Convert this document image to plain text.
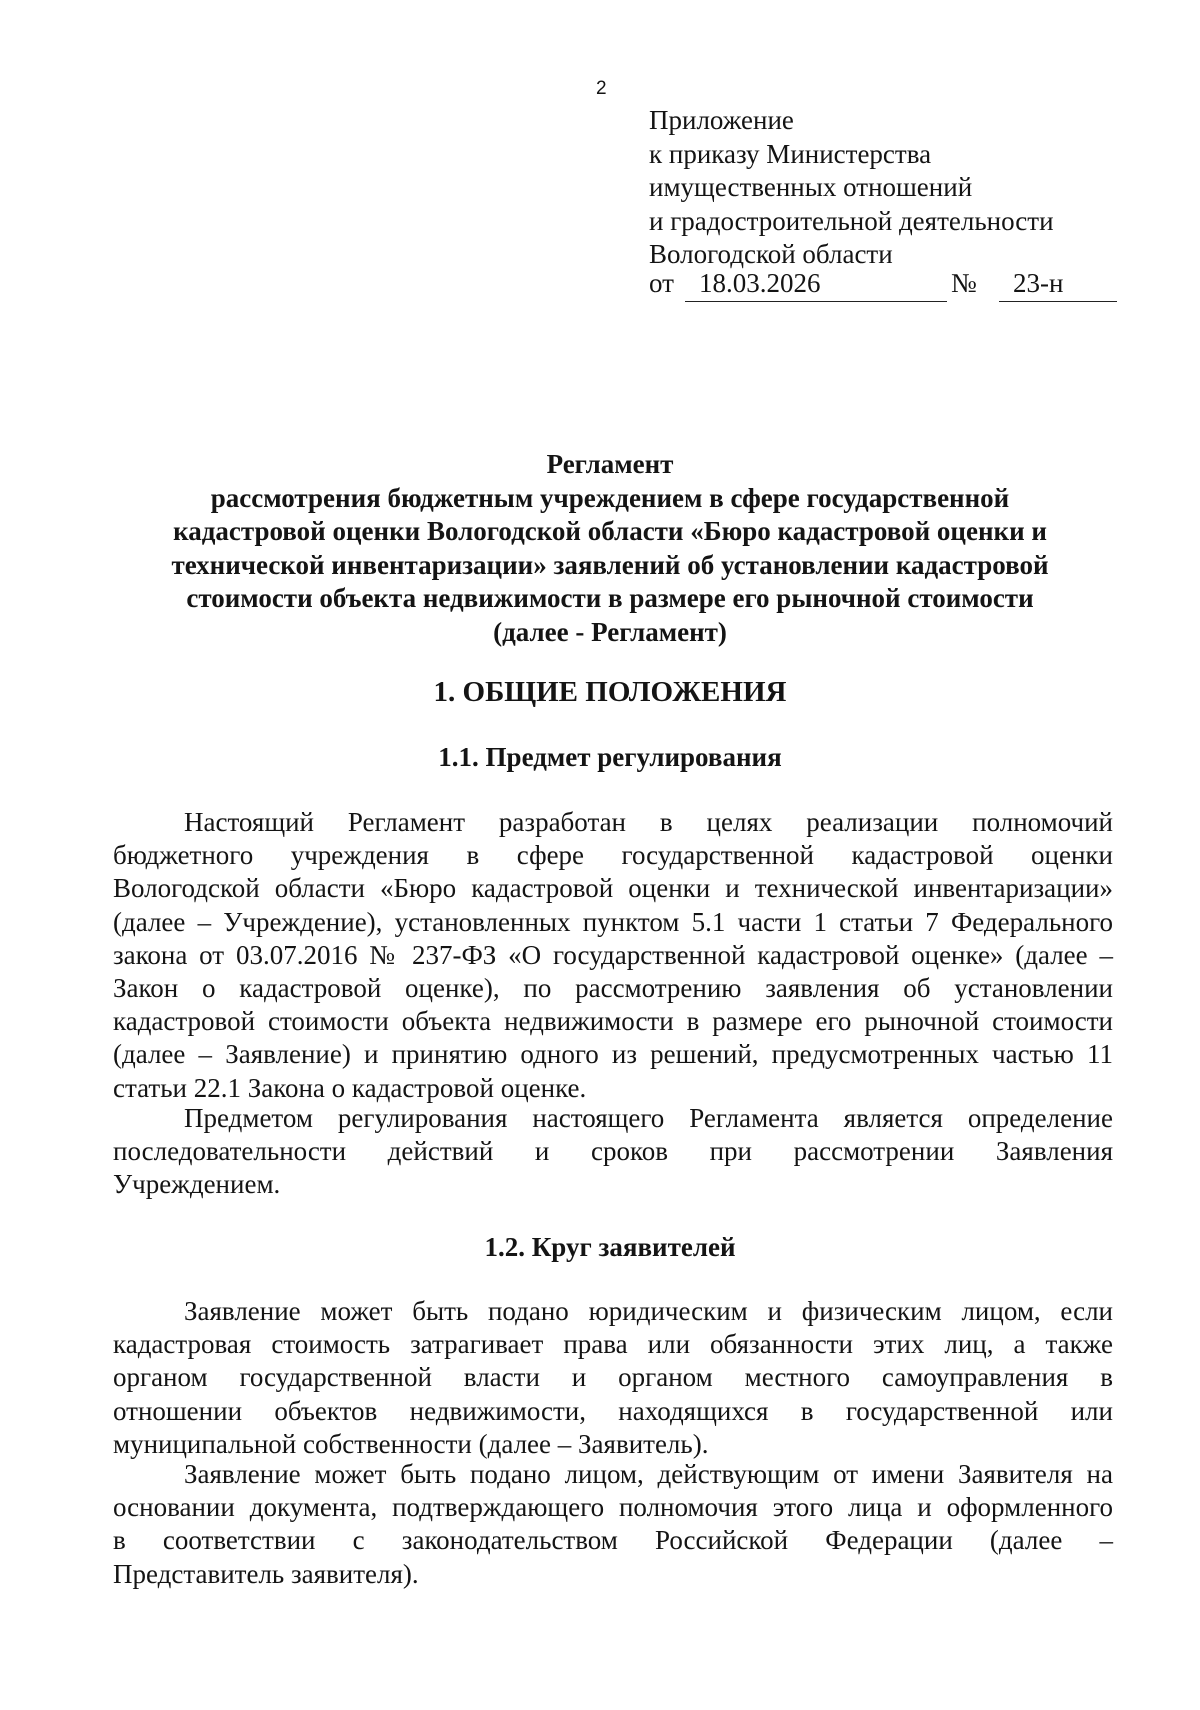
2
Приложение
к приказу Министерства
имущественных отношений
и градостроительной деятельности
Вологодской области
от 18.03.2026	№ 23-н
Регламент
рассмотрения бюджетным учреждением в сфере государственной
кадастровой оценки Вологодской области «Бюро кадастровой оценки и
технической инвентаризации» заявлений об установлении кадастровой
стоимости объекта недвижимости в размере его рыночной стоимости
(далее - Регламент)
1. ОБЩИЕ ПОЛОЖЕНИЯ
1.1. Предмет регулирования
Настоящий Регламент разработан в целях реализации полномочий
бюджетного учреждения в сфере государственной кадастровой оценки
Вологодской области «Бюро кадастровой оценки и технической инвентаризации»
(далее – Учреждение), установленных пунктом 5.1 части 1 статьи 7 Федерального
закона от 03.07.2016 № 237-ФЗ «О государственной кадастровой оценке» (далее –
Закон о кадастровой оценке), по рассмотрению заявления об установлении
кадастровой стоимости объекта недвижимости в размере его рыночной стоимости
(далее – Заявление) и принятию одного из решений, предусмотренных частью 11
статьи 22.1 Закона о кадастровой оценке.
Предметом регулирования настоящего Регламента является определение
последовательности действий и сроков при рассмотрении Заявления
Учреждением.
1.2. Круг заявителей
Заявление может быть подано юридическим и физическим лицом, если
кадастровая стоимость затрагивает права или обязанности этих лиц, а также
органом государственной власти и органом местного самоуправления в
отношении объектов недвижимости, находящихся в государственной или
муниципальной собственности (далее – Заявитель).
Заявление может быть подано лицом, действующим от имени Заявителя на
основании документа, подтверждающего полномочия этого лица и оформленного
в соответствии с законодательством Российской Федерации (далее –
Представитель заявителя).
